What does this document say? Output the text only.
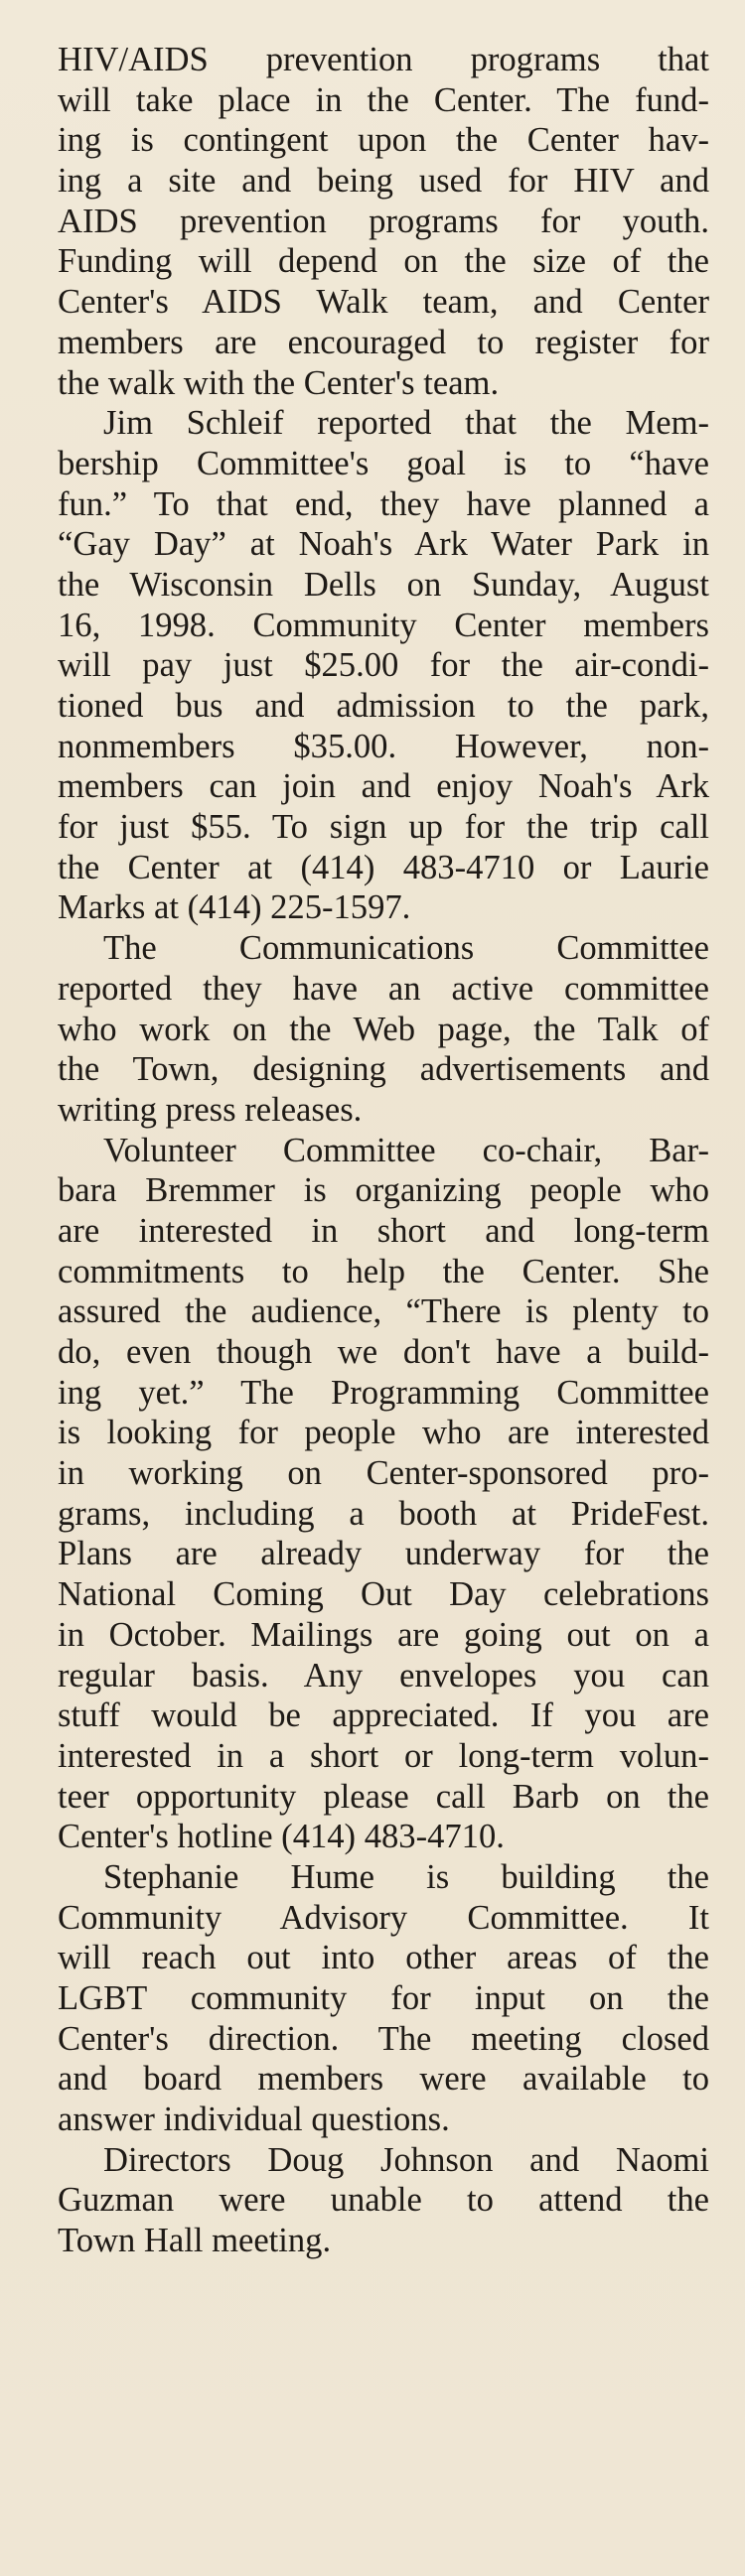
HIV/AIDS prevention programs that
will take place in the Center. The fund-
ing is contingent upon the Center hav-
ing a site and being used for HIV and
AIDS prevention programs for youth.
Funding will depend on the size of the
Center's AIDS Walk team, and Center
members are encouraged to register for
the walk with the Center's team.
Jim Schleif reported that the Mem-
bership Committee's goal is to “have
fun.” To that end, they have planned a
“Gay Day” at Noah's Ark Water Park in
the Wisconsin Dells on Sunday, August
16, 1998. Community Center members
will pay just $25.00 for the air-condi-
tioned bus and admission to the park,
nonmembers $35.00. However, non-
members can join and enjoy Noah's Ark
for just $55. To sign up for the trip call
the Center at (414) 483-4710 or Laurie
Marks at (414) 225-1597.
The Communications Committee
reported they have an active committee
who work on the Web page, the Talk of
the Town, designing advertisements and
writing press releases.
Volunteer Committee co-chair, Bar-
bara Bremmer is organizing people who
are interested in short and long-term
commitments to help the Center. She
assured the audience, “There is plenty to
do, even though we don't have a build-
ing yet.” The Programming Committee
is looking for people who are interested
in working on Center-sponsored pro-
grams, including a booth at PrideFest.
Plans are already underway for the
National Coming Out Day celebrations
in October. Mailings are going out on a
regular basis. Any envelopes you can
stuff would be appreciated. If you are
interested in a short or long-term volun-
teer opportunity please call Barb on the
Center's hotline (414) 483-4710.
Stephanie Hume is building the
Community Advisory Committee. It
will reach out into other areas of the
LGBT community for input on the
Center's direction. The meeting closed
and board members were available to
answer individual questions.
Directors Doug Johnson and Naomi
Guzman were unable to attend the
Town Hall meeting.
